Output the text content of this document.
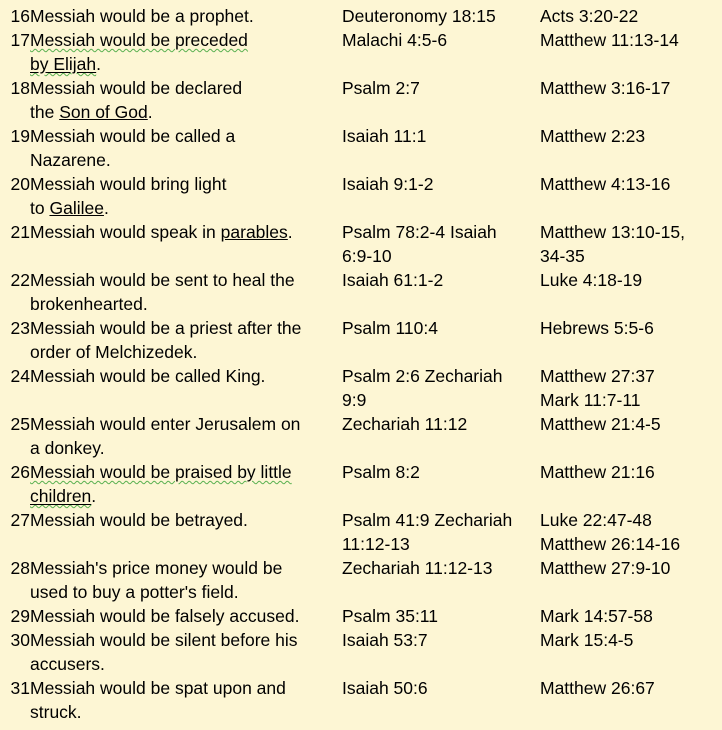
16	Messiah would be a prophet.	Deuteronomy 18:15	Acts 3:20-22
17	Messiah would be preceded
by Elijah.	Malachi 4:5-6	Matthew 11:13-14
18	Messiah would be declared
the Son of God.	Psalm 2:7	Matthew 3:16-17
19	Messiah would be called a
Nazarene.	Isaiah 11:1	Matthew 2:23
20	Messiah would bring light
to Galilee.	Isaiah 9:1-2	Matthew 4:13-16
21	Messiah would speak in parables.	Psalm 78:2-4 Isaiah
6:9-10	Matthew 13:10-15,
34-35
22	Messiah would be sent to heal the
brokenhearted.	Isaiah 61:1-2	Luke 4:18-19
23	Messiah would be a priest after the
order of Melchizedek.	Psalm 110:4	Hebrews 5:5-6
24	Messiah would be called King.	Psalm 2:6 Zechariah
9:9	Matthew 27:37
Mark 11:7-11
25	Messiah would enter Jerusalem on
a donkey.	Zechariah 11:12	Matthew 21:4-5
26	Messiah would be praised by little
children.	Psalm 8:2	Matthew 21:16
27	Messiah would be betrayed.	Psalm 41:9 Zechariah
11:12-13	Luke 22:47-48
Matthew 26:14-16
28	Messiah's price money would be
used to buy a potter's field.	Zechariah 11:12-13	Matthew 27:9-10
29	Messiah would be falsely accused.	Psalm 35:11	Mark 14:57-58
30	Messiah would be silent before his
accusers.	Isaiah 53:7	Mark 15:4-5
31	Messiah would be spat upon and
struck.	Isaiah 50:6	Matthew 26:67
